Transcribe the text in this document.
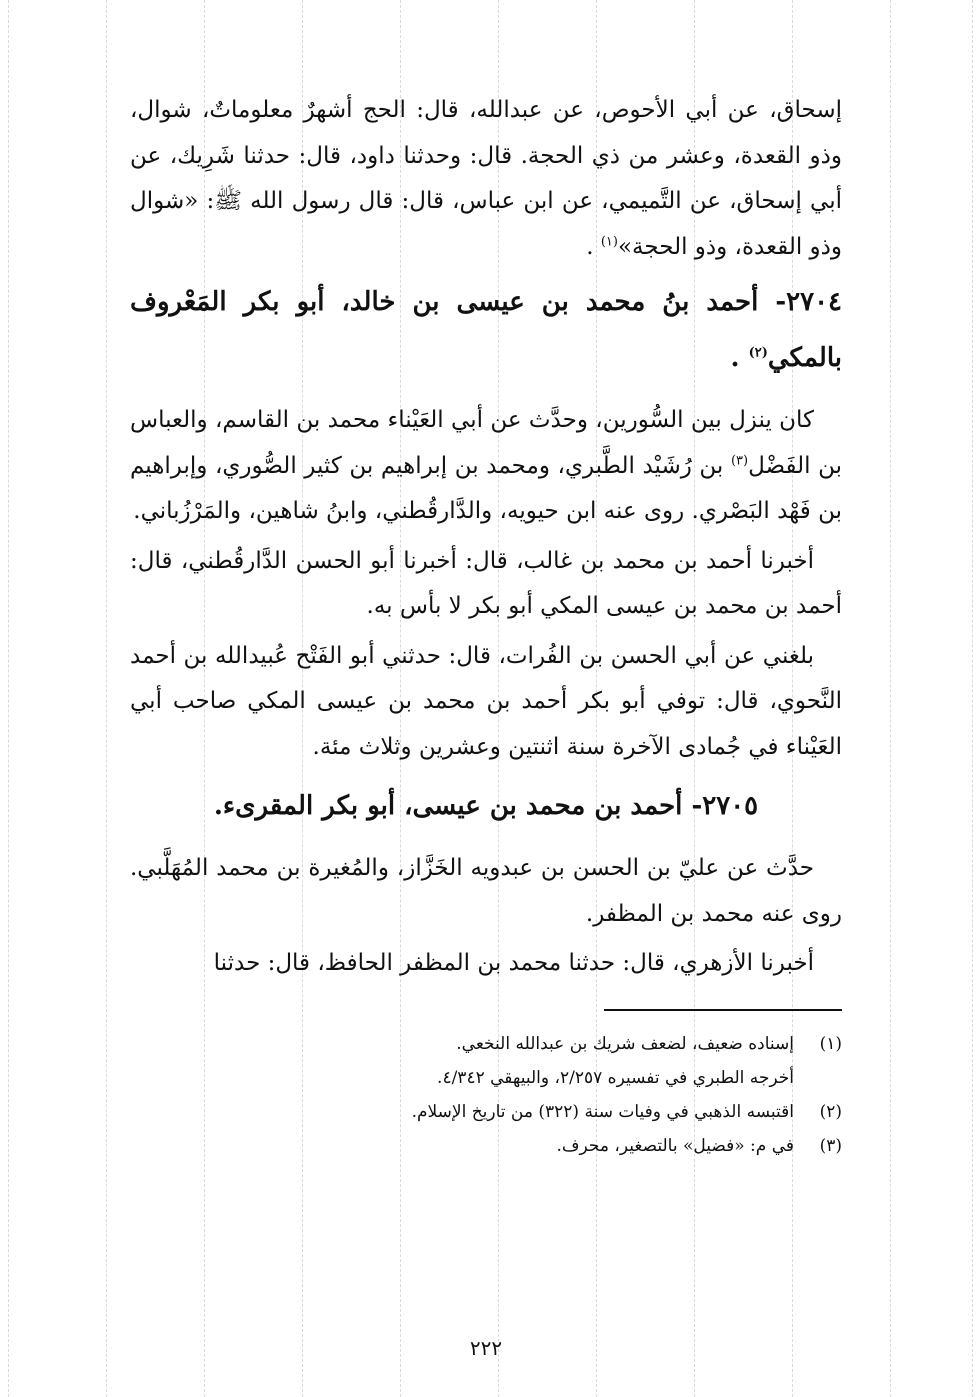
إسحاق، عن أبي الأحوص، عن عبدالله، قال: الحج أشهرٌ معلوماتٌ، شوال، وذو القعدة، وعشر من ذي الحجة. قال: وحدثنا داود، قال: حدثنا شَرِيك، عن أبي إسحاق، عن التَّميمي، عن ابن عباس، قال: قال رسول الله ﷺ: «شوال وذو القعدة، وذو الحجة»$^{(١)}$ .

٢٧٠٤- أحمد بنُ محمد بن عيسى بن خالد، أبو بكر المَعْروف بالمكي$^{(٢)}$ .

كان ينزل بين السُّورين، وحدَّث عن أبي العَيْناء محمد بن القاسم، والعباس بن الفَضْل$^{(٣)}$ بن رُشَيْد الطَّبري، ومحمد بن إبراهيم بن كثير الصُّوري، وإبراهيم بن فَهْد البَصْري. روى عنه ابن حيويه، والدَّارقُطني، وابنُ شاهين، والمَرْزُباني.

أخبرنا أحمد بن محمد بن غالب، قال: أخبرنا أبو الحسن الدَّارقُطني، قال: أحمد بن محمد بن عيسى المكي أبو بكر لا بأس به.

بلغني عن أبي الحسن بن الفُرات، قال: حدثني أبو الفَتْح عُبيدالله بن أحمد النَّحوي، قال: توفي أبو بكر أحمد بن محمد بن عيسى المكي صاحب أبي العَيْناء في جُمادى الآخرة سنة اثنتين وعشرين وثلاث مئة.

٢٧٠٥- أحمد بن محمد بن عيسى، أبو بكر المقرىء.

حدَّث عن عليّ بن الحسن بن عبدويه الخَزَّاز، والمُغيرة بن محمد المُهَلَّبي. روى عنه محمد بن المظفر.

أخبرنا الأزهري، قال: حدثنا محمد بن المظفر الحافظ، قال: حدثنا

(١)
إسناده ضعيف، لضعف شريك بن عبدالله النخعي.
أخرجه الطبري في تفسيره ٢/٢٥٧، والبيهقي ٤/٣٤٢.
(٢)
اقتبسه الذهبي في وفيات سنة (٣٢٢) من تاريخ الإسلام.
(٣)
في م: «فضيل» بالتصغير، محرف.
٢٢٢
